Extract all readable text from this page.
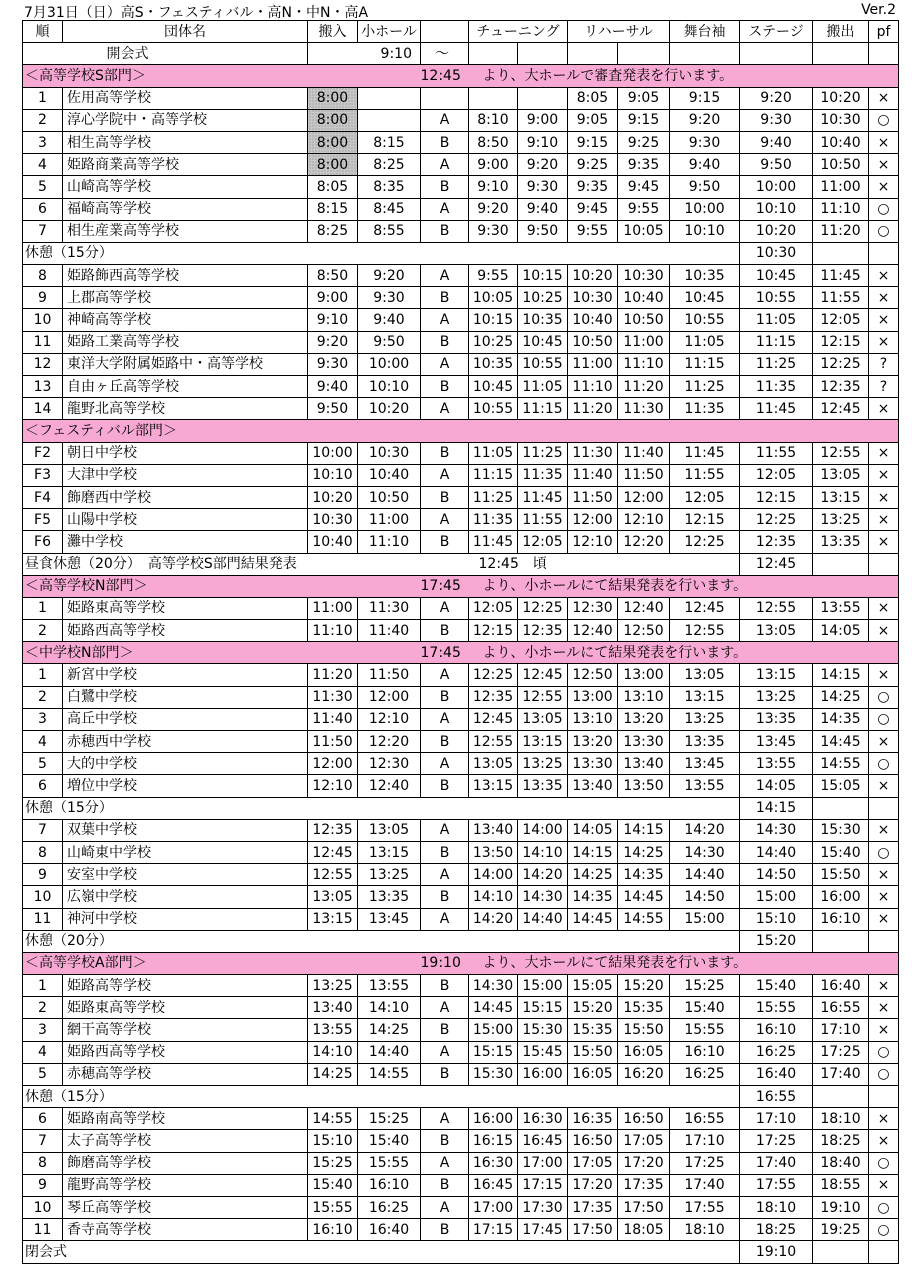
7月31日（日）高S・フェスティバル・高N・中N・高A	Ver.2
順	団体名	搬入	小ホール		チューニング		リハーサル		舞台袖	ステージ	搬出	pf
	開会式	9:10		〜								
＜高等学校S部門＞				12:45	より、大ホールで審査発表を行います。							
1	佐用高等学校	8:00					8:05	9:05	9:15	9:20	10:20	×
2	淳心学院中・高等学校	8:00		A	8:10	9:00	9:05	9:15	9:20	9:30	10:30	○
3	相生高等学校	8:00	8:15	B	8:50	9:10	9:15	9:25	9:30	9:40	10:40	×
4	姫路商業高等学校	8:00	8:25	A	9:00	9:20	9:25	9:35	9:40	9:50	10:50	×
5	山崎高等学校	8:05	8:35	B	9:10	9:30	9:35	9:45	9:50	10:00	11:00	×
6	福崎高等学校	8:15	8:45	A	9:20	9:40	9:45	9:55	10:00	10:10	11:10	○
7	相生産業高等学校	8:25	8:55	B	9:30	9:50	9:55	10:05	10:10	10:20	11:20	○
休憩（15分）										10:30		
8	姫路飾西高等学校	8:50	9:20	A	9:55	10:15	10:20	10:30	10:35	10:45	11:45	×
9	上郡高等学校	9:00	9:30	B	10:05	10:25	10:30	10:40	10:45	10:55	11:55	×
10	神崎高等学校	9:10	9:40	A	10:15	10:35	10:40	10:50	10:55	11:05	12:05	×
11	姫路工業高等学校	9:20	9:50	B	10:25	10:45	10:50	11:00	11:05	11:15	12:15	×
12	東洋大学附属姫路中・高等学校	9:30	10:00	A	10:35	10:55	11:00	11:10	11:15	11:25	12:25	?
13	自由ヶ丘高等学校	9:40	10:10	B	10:45	11:05	11:10	11:20	11:25	11:35	12:35	?
14	龍野北高等学校	9:50	10:20	A	10:55	11:15	11:20	11:30	11:35	11:45	12:45	×
＜フェスティバル部門＞												
F2	朝日中学校	10:00	10:30	B	11:05	11:25	11:30	11:40	11:45	11:55	12:55	×
F3	大津中学校	10:10	10:40	A	11:15	11:35	11:40	11:50	11:55	12:05	13:05	×
F4	飾磨西中学校	10:20	10:50	B	11:25	11:45	11:50	12:00	12:05	12:15	13:15	×
F5	山陽中学校	10:30	11:00	A	11:35	11:55	12:00	12:10	12:15	12:25	13:25	×
F6	灘中学校	10:40	11:10	B	11:45	12:05	12:10	12:20	12:25	12:35	13:35	×
昼食休憩（20分）　高等学校S部門結果発表					12:45　頃					12:45		
＜高等学校N部門＞				17:45	より、小ホールにて結果発表を行います。							
1	姫路東高等学校	11:00	11:30	A	12:05	12:25	12:30	12:40	12:45	12:55	13:55	×
2	姫路西高等学校	11:10	11:40	B	12:15	12:35	12:40	12:50	12:55	13:05	14:05	×
＜中学校N部門＞				17:45	より、小ホールにて結果発表を行います。							
1	新宮中学校	11:20	11:50	A	12:25	12:45	12:50	13:00	13:05	13:15	14:15	×
2	白鷺中学校	11:30	12:00	B	12:35	12:55	13:00	13:10	13:15	13:25	14:25	○
3	高丘中学校	11:40	12:10	A	12:45	13:05	13:10	13:20	13:25	13:35	14:35	○
4	赤穂西中学校	11:50	12:20	B	12:55	13:15	13:20	13:30	13:35	13:45	14:45	×
5	大的中学校	12:00	12:30	A	13:05	13:25	13:30	13:40	13:45	13:55	14:55	○
6	増位中学校	12:10	12:40	B	13:15	13:35	13:40	13:50	13:55	14:05	15:05	×
休憩（15分）										14:15		
7	双葉中学校	12:35	13:05	A	13:40	14:00	14:05	14:15	14:20	14:30	15:30	×
8	山崎東中学校	12:45	13:15	B	13:50	14:10	14:15	14:25	14:30	14:40	15:40	○
9	安室中学校	12:55	13:25	A	14:00	14:20	14:25	14:35	14:40	14:50	15:50	×
10	広嶺中学校	13:05	13:35	B	14:10	14:30	14:35	14:45	14:50	15:00	16:00	×
11	神河中学校	13:15	13:45	A	14:20	14:40	14:45	14:55	15:00	15:10	16:10	×
休憩（20分）										15:20		
＜高等学校A部門＞				19:10	より、大ホールにて結果発表を行います。							
1	姫路高等学校	13:25	13:55	B	14:30	15:00	15:05	15:20	15:25	15:40	16:40	×
2	姫路東高等学校	13:40	14:10	A	14:45	15:15	15:20	15:35	15:40	15:55	16:55	×
3	網干高等学校	13:55	14:25	B	15:00	15:30	15:35	15:50	15:55	16:10	17:10	×
4	姫路西高等学校	14:10	14:40	A	15:15	15:45	15:50	16:05	16:10	16:25	17:25	○
5	赤穂高等学校	14:25	14:55	B	15:30	16:00	16:05	16:20	16:25	16:40	17:40	○
休憩（15分）										16:55		
6	姫路南高等学校	14:55	15:25	A	16:00	16:30	16:35	16:50	16:55	17:10	18:10	×
7	太子高等学校	15:10	15:40	B	16:15	16:45	16:50	17:05	17:10	17:25	18:25	×
8	飾磨高等学校	15:25	15:55	A	16:30	17:00	17:05	17:20	17:25	17:40	18:40	○
9	龍野高等学校	15:40	16:10	B	16:45	17:15	17:20	17:35	17:40	17:55	18:55	×
10	琴丘高等学校	15:55	16:25	A	17:00	17:30	17:35	17:50	17:55	18:10	19:10	○
11	香寺高等学校	16:10	16:40	B	17:15	17:45	17:50	18:05	18:10	18:25	19:25	○
閉会式										19:10		
